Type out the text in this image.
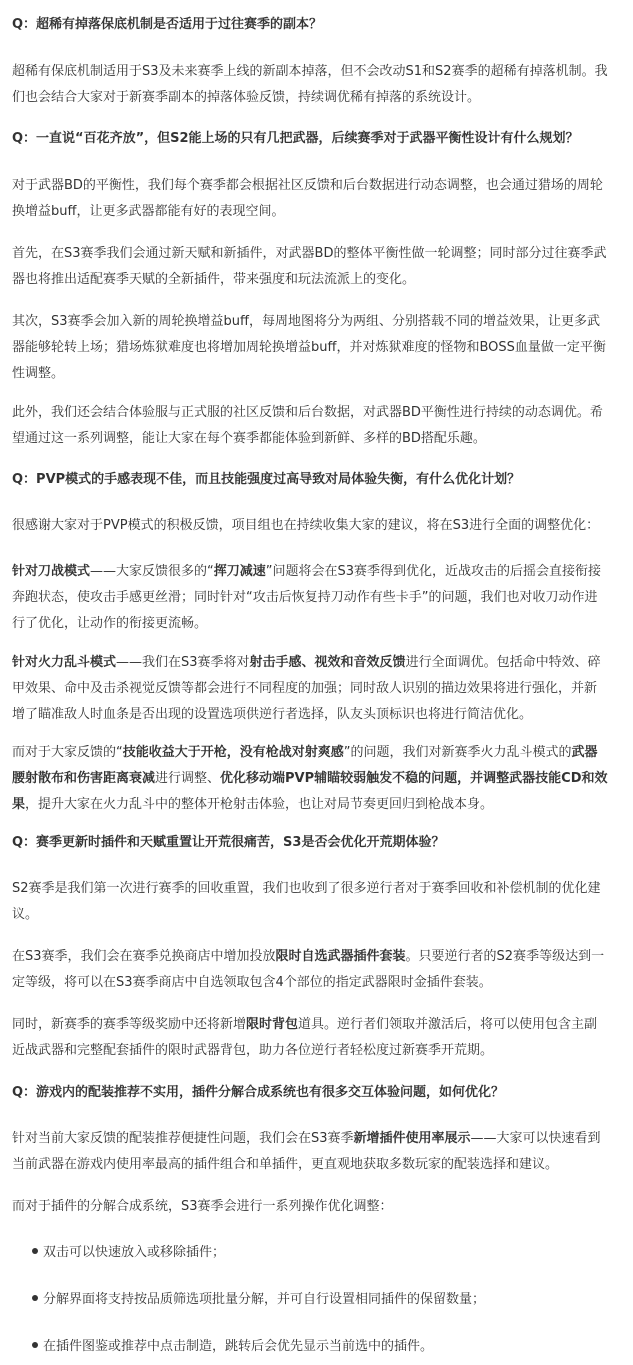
Q：超稀有掉落保底机制是否适用于过往赛季的副本？

超稀有保底机制适用于S3及未来赛季上线的新副本掉落，但不会改动S1和S2赛季的超稀有掉落机制。我们也会结合大家对于新赛季副本的掉落体验反馈，持续调优稀有掉落的系统设计。

Q：一直说“百花齐放”，但S2能上场的只有几把武器，后续赛季对于武器平衡性设计有什么规划？

对于武器BD的平衡性，我们每个赛季都会根据社区反馈和后台数据进行动态调整，也会通过猎场的周轮换增益buff，让更多武器都能有好的表现空间。

首先，在S3赛季我们会通过新天赋和新插件，对武器BD的整体平衡性做一轮调整；同时部分过往赛季武器也将推出适配赛季天赋的全新插件，带来强度和玩法流派上的变化。

其次，S3赛季会加入新的周轮换增益buff，每周地图将分为两组、分别搭载不同的增益效果，让更多武器能够轮转上场；猎场炼狱难度也将增加周轮换增益buff，并对炼狱难度的怪物和BOSS血量做一定平衡性调整。

此外，我们还会结合体验服与正式服的社区反馈和后台数据，对武器BD平衡性进行持续的动态调优。希望通过这一系列调整，能让大家在每个赛季都能体验到新鲜、多样的BD搭配乐趣。

Q：PVP模式的手感表现不佳，而且技能强度过高导致对局体验失衡，有什么优化计划？

很感谢大家对于PVP模式的积极反馈，项目组也在持续收集大家的建议，将在S3进行全面的调整优化：

针对刀战模式——大家反馈很多的“挥刀减速”问题将会在S3赛季得到优化，近战攻击的后摇会直接衔接奔跑状态，使攻击手感更丝滑；同时针对“攻击后恢复持刀动作有些卡手”的问题，我们也对收刀动作进行了优化，让动作的衔接更流畅。

针对火力乱斗模式——我们在S3赛季将对射击手感、视效和音效反馈进行全面调优。包括命中特效、碎甲效果、命中及击杀视觉反馈等都会进行不同程度的加强；同时敌人识别的描边效果将进行强化，并新增了瞄准敌人时血条是否出现的设置选项供逆行者选择，队友头顶标识也将进行简洁优化。

而对于大家反馈的“技能收益大于开枪，没有枪战对射爽感”的问题，我们对新赛季火力乱斗模式的武器腰射散布和伤害距离衰减进行调整、优化移动端PVP辅瞄较弱触发不稳的问题，并调整武器技能CD和效果，提升大家在火力乱斗中的整体开枪射击体验，也让对局节奏更回归到枪战本身。

Q：赛季更新时插件和天赋重置让开荒很痛苦，S3是否会优化开荒期体验？

S2赛季是我们第一次进行赛季的回收重置，我们也收到了很多逆行者对于赛季回收和补偿机制的优化建议。

在S3赛季，我们会在赛季兑换商店中增加投放限时自选武器插件套装。只要逆行者的S2赛季等级达到一定等级，将可以在S3赛季商店中自选领取包含4个部位的指定武器限时金插件套装。

同时，新赛季的赛季等级奖励中还将新增限时背包道具。逆行者们领取并激活后，将可以使用包含主副近战武器和完整配套插件的限时武器背包，助力各位逆行者轻松度过新赛季开荒期。

Q：游戏内的配装推荐不实用，插件分解合成系统也有很多交互体验问题，如何优化？

针对当前大家反馈的配装推荐便捷性问题，我们会在S3赛季新增插件使用率展示——大家可以快速看到当前武器在游戏内使用率最高的插件组合和单插件，更直观地获取多数玩家的配装选择和建议。

而对于插件的分解合成系统，S3赛季会进行一系列操作优化调整：

双击可以快速放入或移除插件；

分解界面将支持按品质筛选项批量分解，并可自行设置相同插件的保留数量；

在插件图鉴或推荐中点击制造，跳转后会优先显示当前选中的插件。
